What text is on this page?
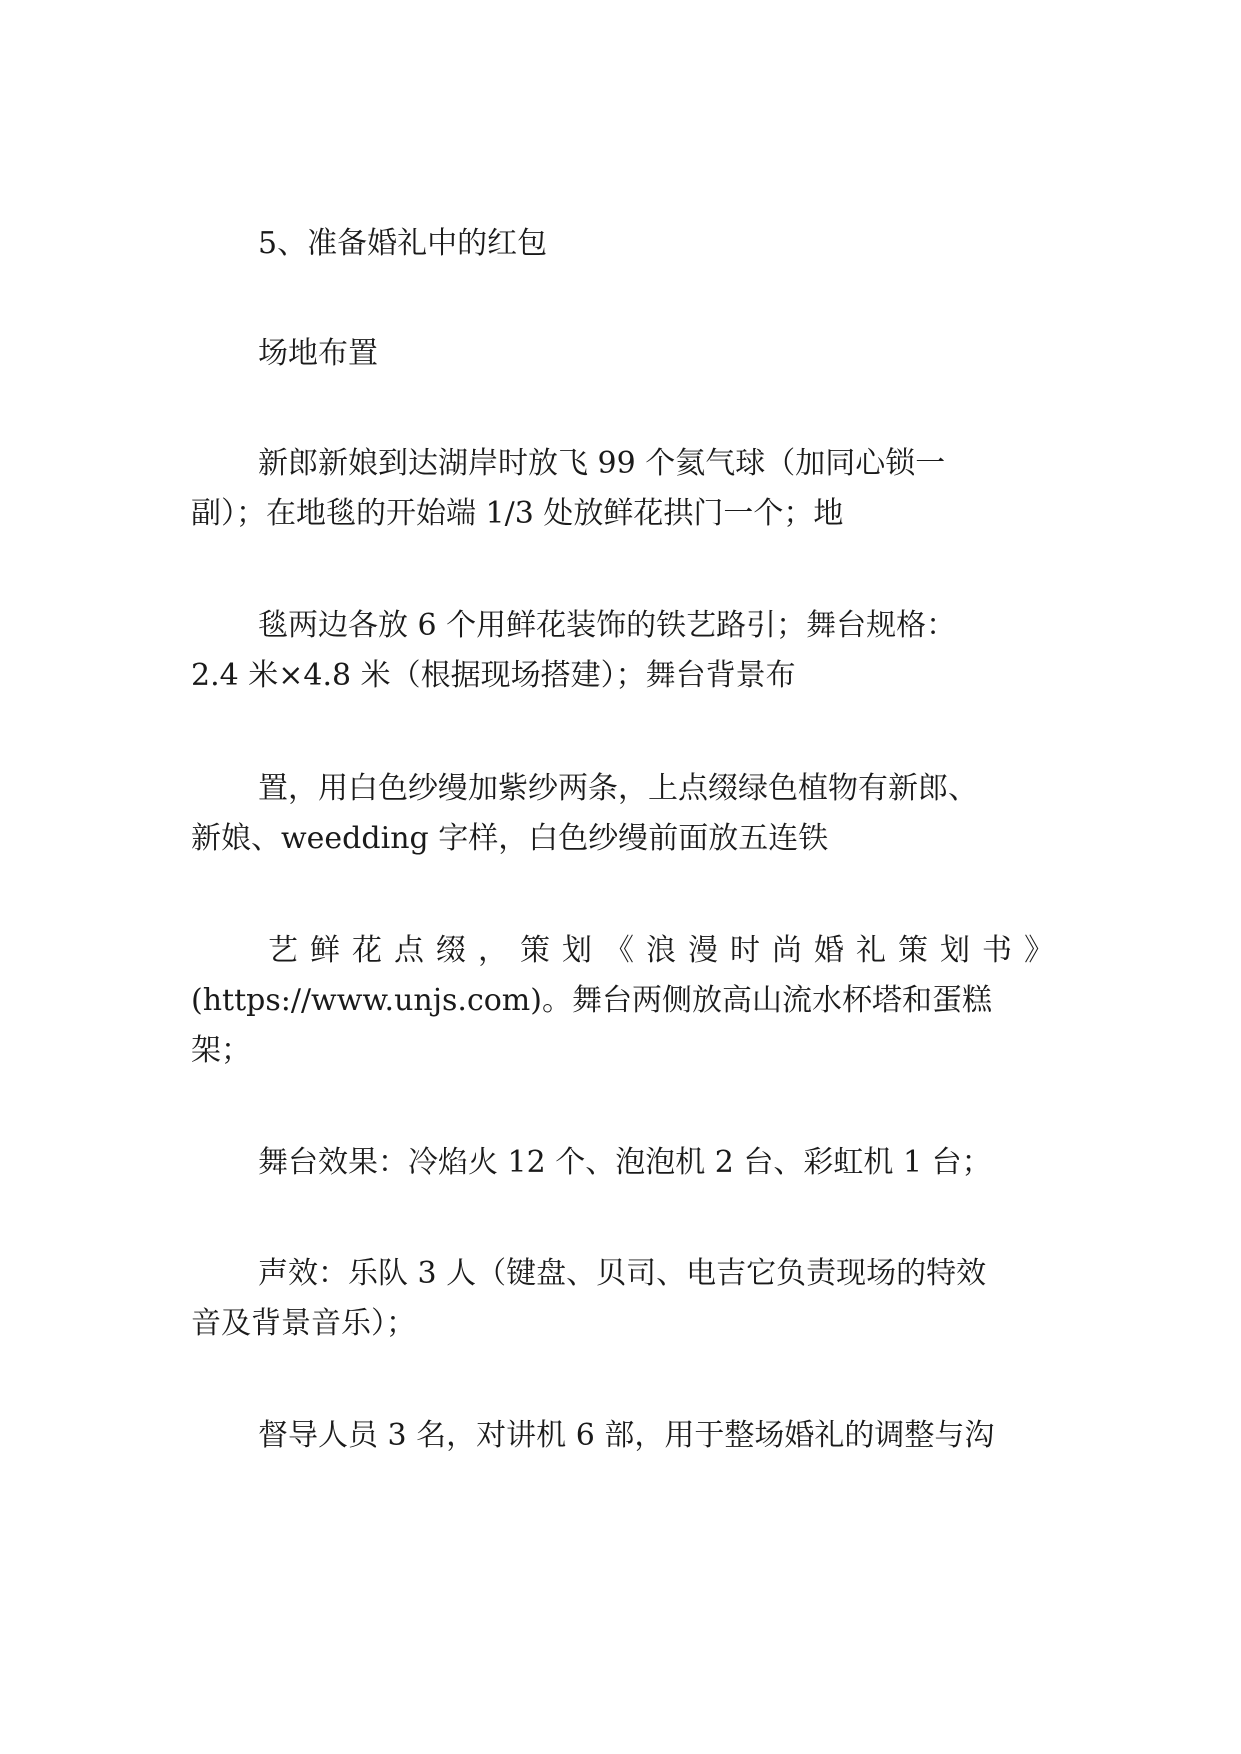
5、准备婚礼中的红包
场地布置
新郎新娘到达湖岸时放飞 99 个氦气球（加同心锁一
副）；在地毯的开始端 1/3 处放鲜花拱门一个；地
毯两边各放 6 个用鲜花装饰的铁艺路引；舞台规格：
2.4 米×4.8 米（根据现场搭建）；舞台背景布
置，用白色纱缦加紫纱两条，上点缀绿色植物有新郎、
新娘、weedding 字样，白色纱缦前面放五连铁
艺 鲜 花 点 缀 ， 策 划 《 浪 漫 时 尚 婚 礼 策 划 书 》
(https://www.unjs.com)。舞台两侧放高山流水杯塔和蛋糕
架；
舞台效果：冷焰火 12 个、泡泡机 2 台、彩虹机 1 台；
声效：乐队 3 人（键盘、贝司、电吉它负责现场的特效
音及背景音乐）；
督导人员 3 名，对讲机 6 部，用于整场婚礼的调整与沟
